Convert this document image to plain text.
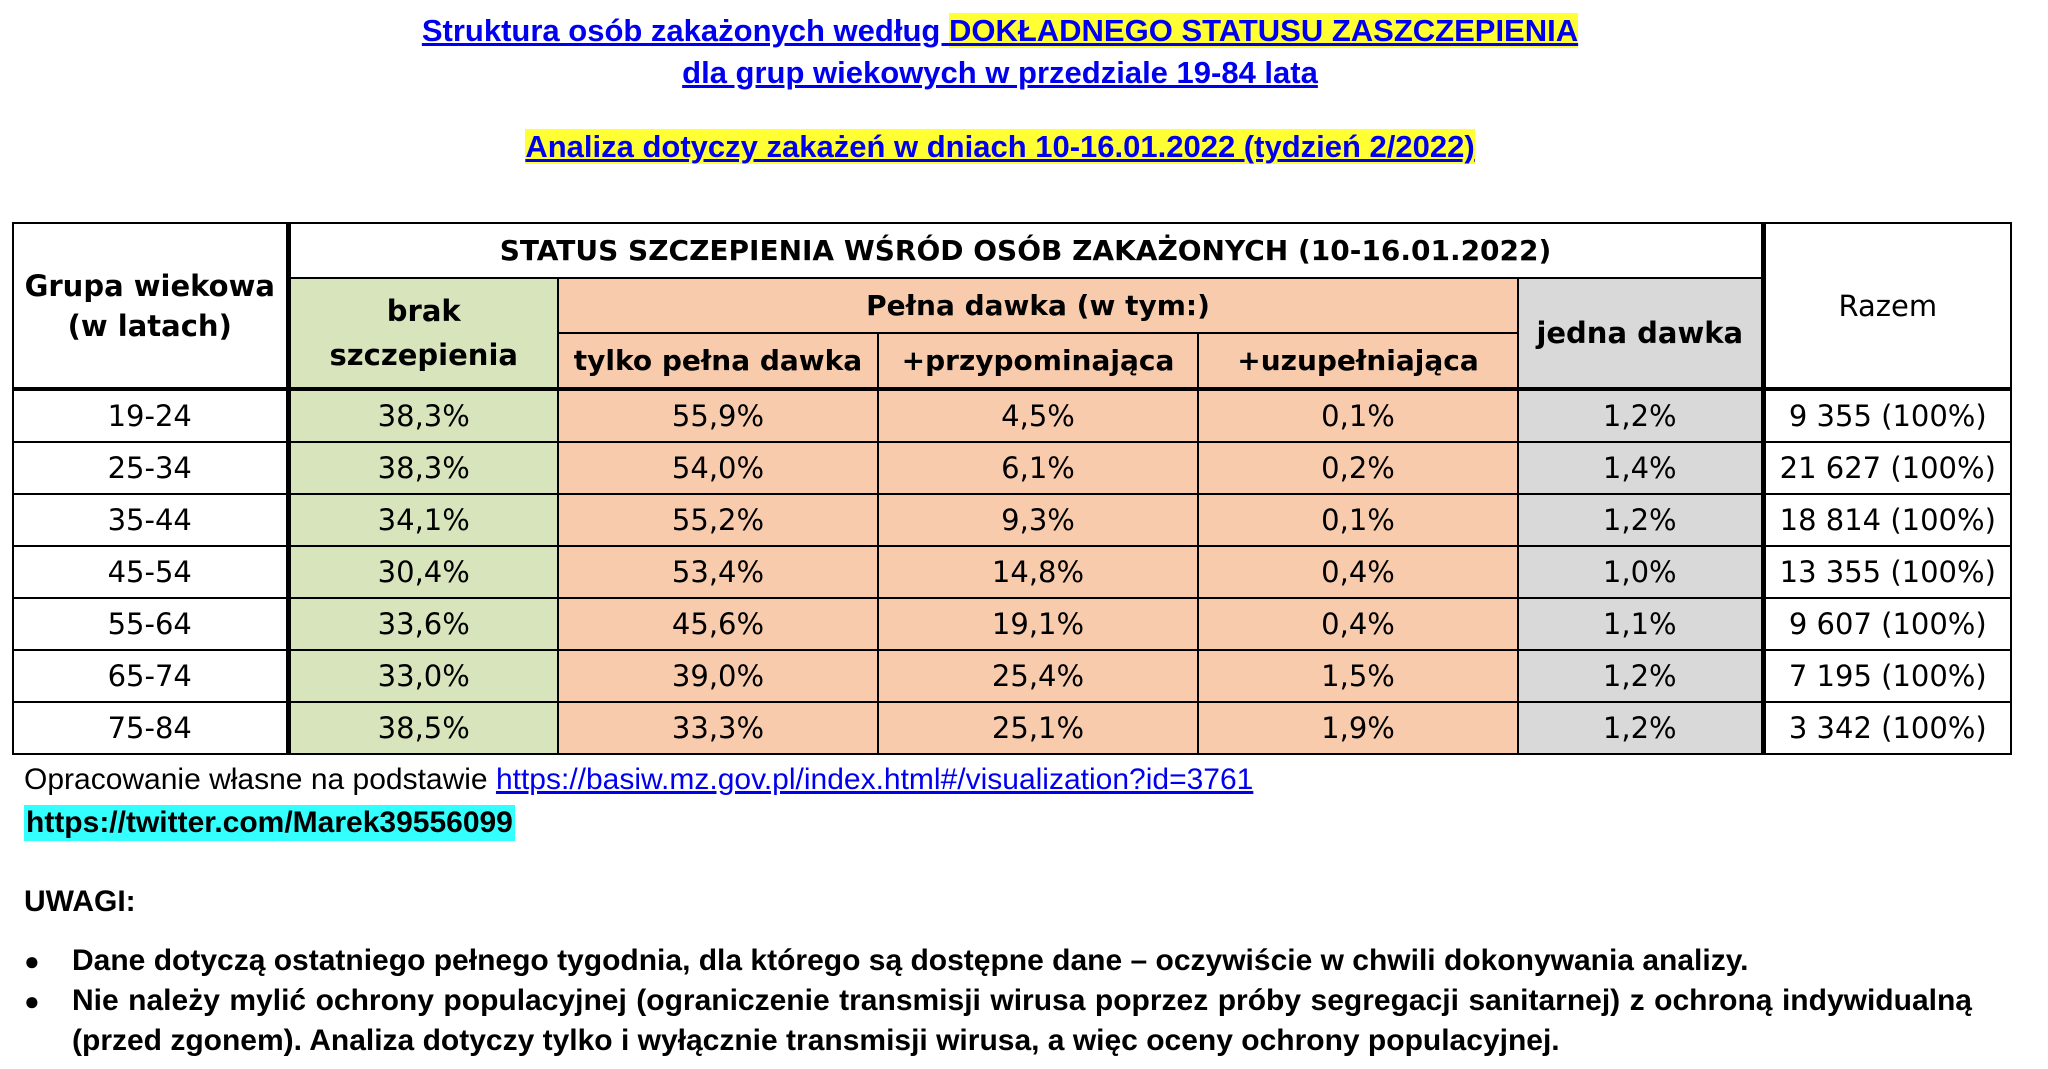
Struktura osób zakażonych według DOKŁADNEGO STATUSU ZASZCZEPIENIA
dla grup wiekowych w przedziale 19-84 lata
Analiza dotyczy zakażeń w dniach 10-16.01.2022 (tydzień 2/2022)
Grupa wiekowa (w latach)	STATUS SZCZEPIENIA WŚRÓD OSÓB ZAKAŻONYCH (10-16.01.2022)					Razem
	brak szczepienia	Pełna dawka (w tym:)			jedna dawka	
		tylko pełna dawka	+przypominająca	+uzupełniająca		
19-24	38,3%	55,9%	4,5%	0,1%	1,2%	9 355 (100%)
25-34	38,3%	54,0%	6,1%	0,2%	1,4%	21 627 (100%)
35-44	34,1%	55,2%	9,3%	0,1%	1,2%	18 814 (100%)
45-54	30,4%	53,4%	14,8%	0,4%	1,0%	13 355 (100%)
55-64	33,6%	45,6%	19,1%	0,4%	1,1%	9 607 (100%)
65-74	33,0%	39,0%	25,4%	1,5%	1,2%	7 195 (100%)
75-84	38,5%	33,3%	25,1%	1,9%	1,2%	3 342 (100%)
Opracowanie własne na podstawie https://basiw.mz.gov.pl/index.html#/visualization?id=3761
https://twitter.com/Marek39556099
UWAGI:
●	Dane dotyczą ostatniego pełnego tygodnia, dla którego są dostępne dane – oczywiście w chwili dokonywania analizy.
●	Nie należy mylić ochrony populacyjnej (ograniczenie transmisji wirusa poprzez próby segregacji sanitarnej) z ochroną indywidualną (przed zgonem). Analiza dotyczy tylko i wyłącznie transmisji wirusa, a więc oceny ochrony populacyjnej.
